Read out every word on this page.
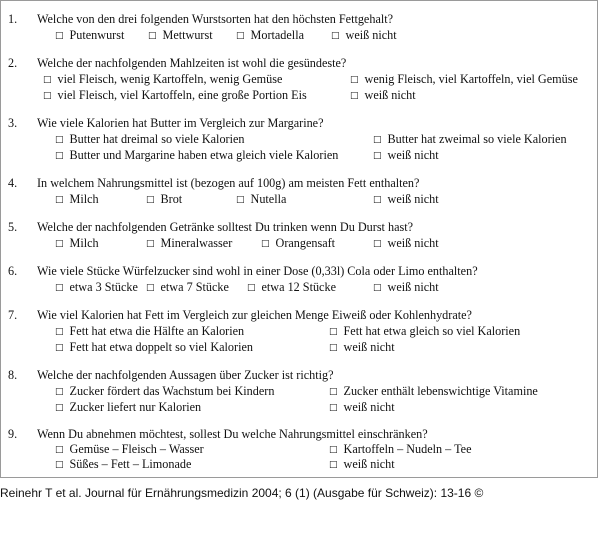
1. Welche von den drei folgenden Wurstsorten hat den höchsten Fettgehalt?
□ Putenwurst	□ Mettwurst	□ Mortadella	□ weiß nicht
2. Welche der nachfolgenden Mahlzeiten ist wohl die gesündeste?
□ viel Fleisch, wenig Kartoffeln, wenig Gemüse	□ wenig Fleisch, viel Kartoffeln, viel Gemüse
□ viel Fleisch, viel Kartoffeln, eine große Portion Eis	□ weiß nicht
3. Wie viele Kalorien hat Butter im Vergleich zur Margarine?
□ Butter hat dreimal so viele Kalorien	□ Butter hat zweimal so viele Kalorien
□ Butter und Margarine haben etwa gleich viele Kalorien	□ weiß nicht
4. In welchem Nahrungsmittel ist (bezogen auf 100g) am meisten Fett enthalten?
□ Milch	□ Brot	□ Nutella	□ weiß nicht
5. Welche der nachfolgenden Getränke solltest Du trinken wenn Du Durst hast?
□ Milch	□ Mineralwasser	□ Orangensaft	□ weiß nicht
6. Wie viele Stücke Würfelzucker sind wohl in einer Dose (0,33l) Cola oder Limo enthalten?
□ etwa 3 Stücke □ etwa 7 Stücke □ etwa 12 Stücke	□ weiß nicht
7. Wie viel Kalorien hat Fett im Vergleich zur gleichen Menge Eiweiß oder Kohlenhydrate?
□ Fett hat etwa die Hälfte an Kalorien	□ Fett hat etwa gleich so viel Kalorien
□ Fett hat etwa doppelt so viel Kalorien	□ weiß nicht
8. Welche der nachfolgenden Aussagen über Zucker ist richtig?
□ Zucker fördert das Wachstum bei Kindern	□ Zucker enthält lebenswichtige Vitamine
□ Zucker liefert nur Kalorien	□ weiß nicht
9. Wenn Du abnehmen möchtest, sollest Du welche Nahrungsmittel einschränken?
□ Gemüse – Fleisch – Wasser	□ Kartoffeln – Nudeln – Tee
□ Süßes – Fett – Limonade	□ weiß nicht
Reinehr T et al. Journal für Ernährungsmedizin 2004; 6 (1) (Ausgabe für Schweiz): 13-16 ©
